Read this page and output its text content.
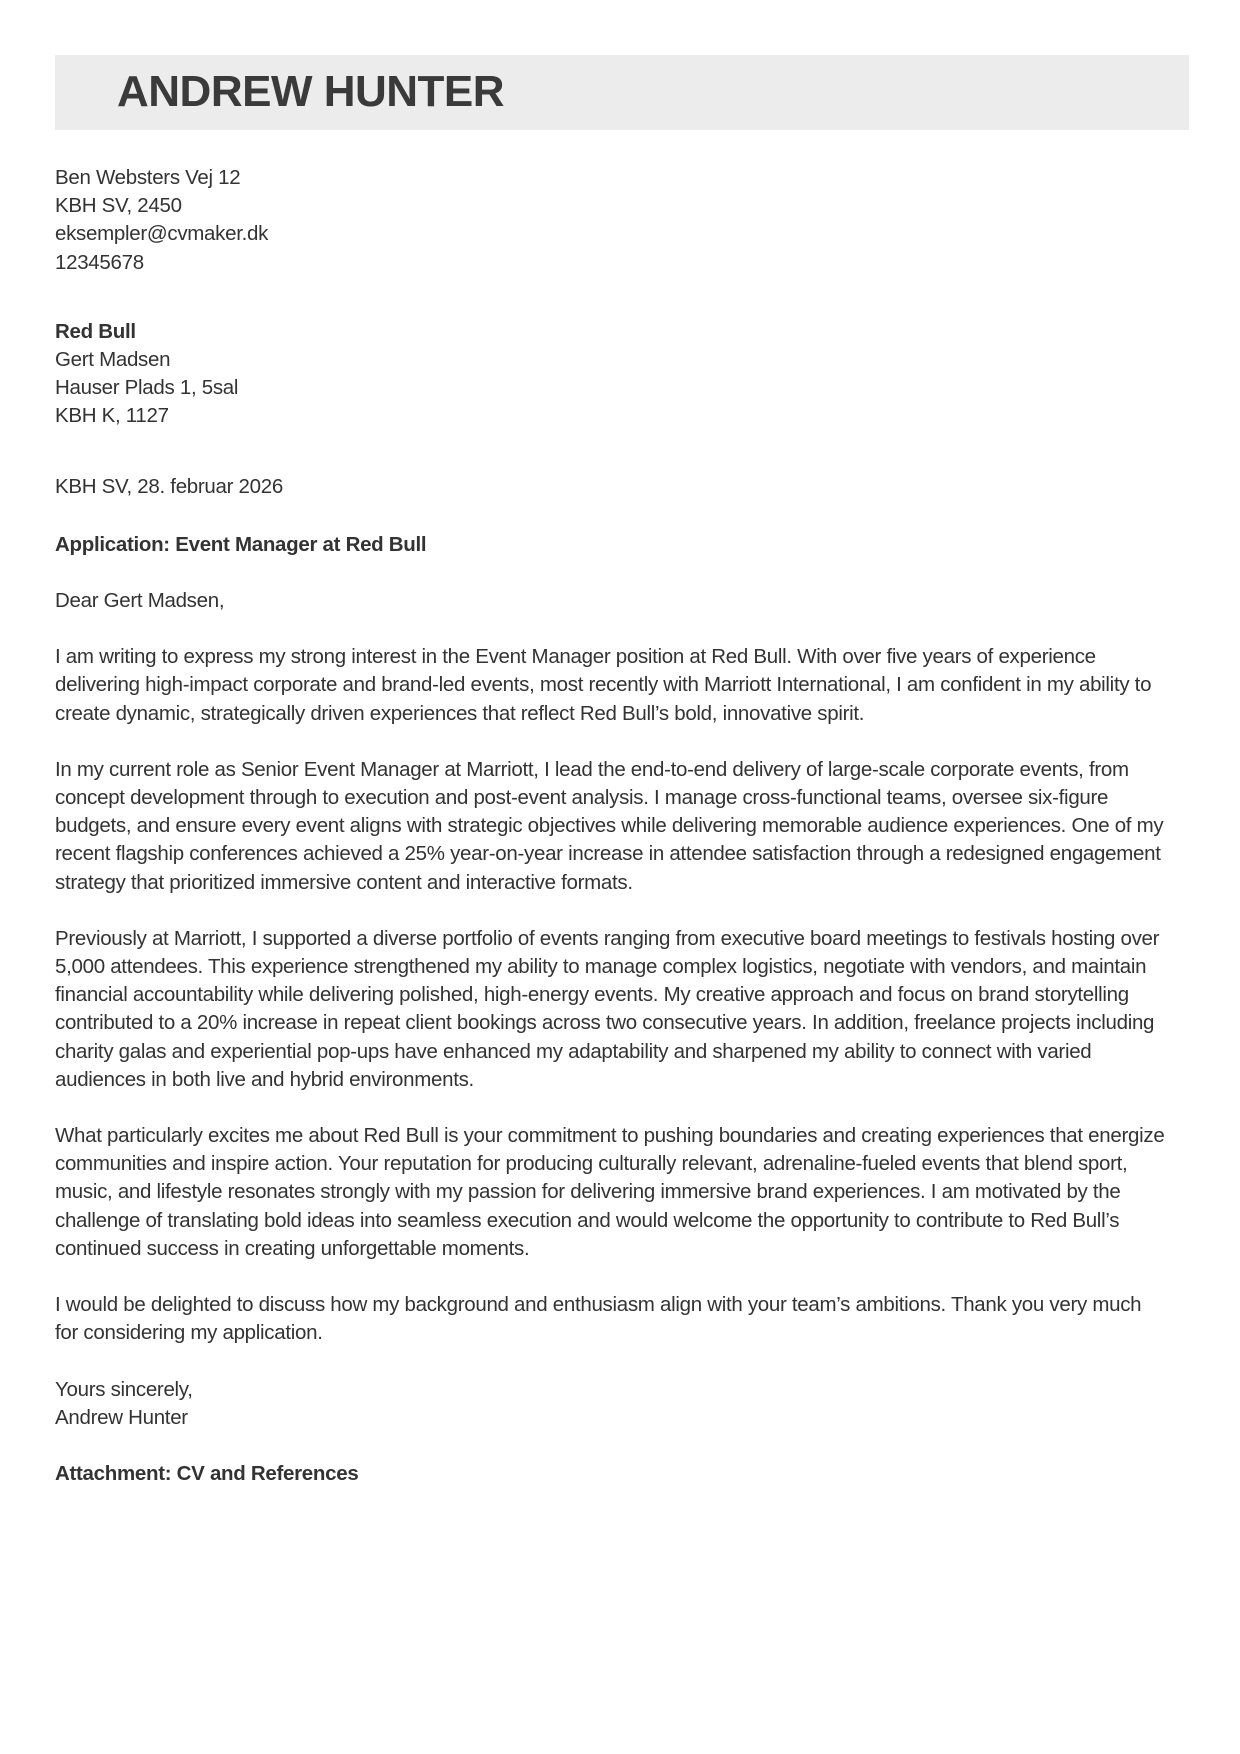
ANDREW HUNTER
Ben Websters Vej 12
KBH SV, 2450
eksempler@cvmaker.dk
12345678
Red Bull
Gert Madsen
Hauser Plads 1, 5sal
KBH K, 1127

KBH SV, 28. februar 2026

Application: Event Manager at Red Bull

Dear Gert Madsen,

I am writing to express my strong interest in the Event Manager position at Red Bull. With over five years of experience delivering high-impact corporate and brand-led events, most recently with Marriott International, I am confident in my ability to create dynamic, strategically driven experiences that reflect Red Bull’s bold, innovative spirit.

In my current role as Senior Event Manager at Marriott, I lead the end-to-end delivery of large-scale corporate events, from concept development through to execution and post-event analysis. I manage cross-functional teams, oversee six-figure budgets, and ensure every event aligns with strategic objectives while delivering memorable audience experiences. One of my recent flagship conferences achieved a 25% year-on-year increase in attendee satisfaction through a redesigned engagement strategy that prioritized immersive content and interactive formats.

Previously at Marriott, I supported a diverse portfolio of events ranging from executive board meetings to festivals hosting over 5,000 attendees. This experience strengthened my ability to manage complex logistics, negotiate with vendors, and maintain financial accountability while delivering polished, high-energy events. My creative approach and focus on brand storytelling contributed to a 20% increase in repeat client bookings across two consecutive years. In addition, freelance projects including charity galas and experiential pop-ups have enhanced my adaptability and sharpened my ability to connect with varied audiences in both live and hybrid environments.

What particularly excites me about Red Bull is your commitment to pushing boundaries and creating experiences that energize communities and inspire action. Your reputation for producing culturally relevant, adrenaline-fueled events that blend sport, music, and lifestyle resonates strongly with my passion for delivering immersive brand experiences. I am motivated by the challenge of translating bold ideas into seamless execution and would welcome the opportunity to contribute to Red Bull’s continued success in creating unforgettable moments.

I would be delighted to discuss how my background and enthusiasm align with your team’s ambitions. Thank you very much for considering my application.

Yours sincerely,
Andrew Hunter

Attachment: CV and References
